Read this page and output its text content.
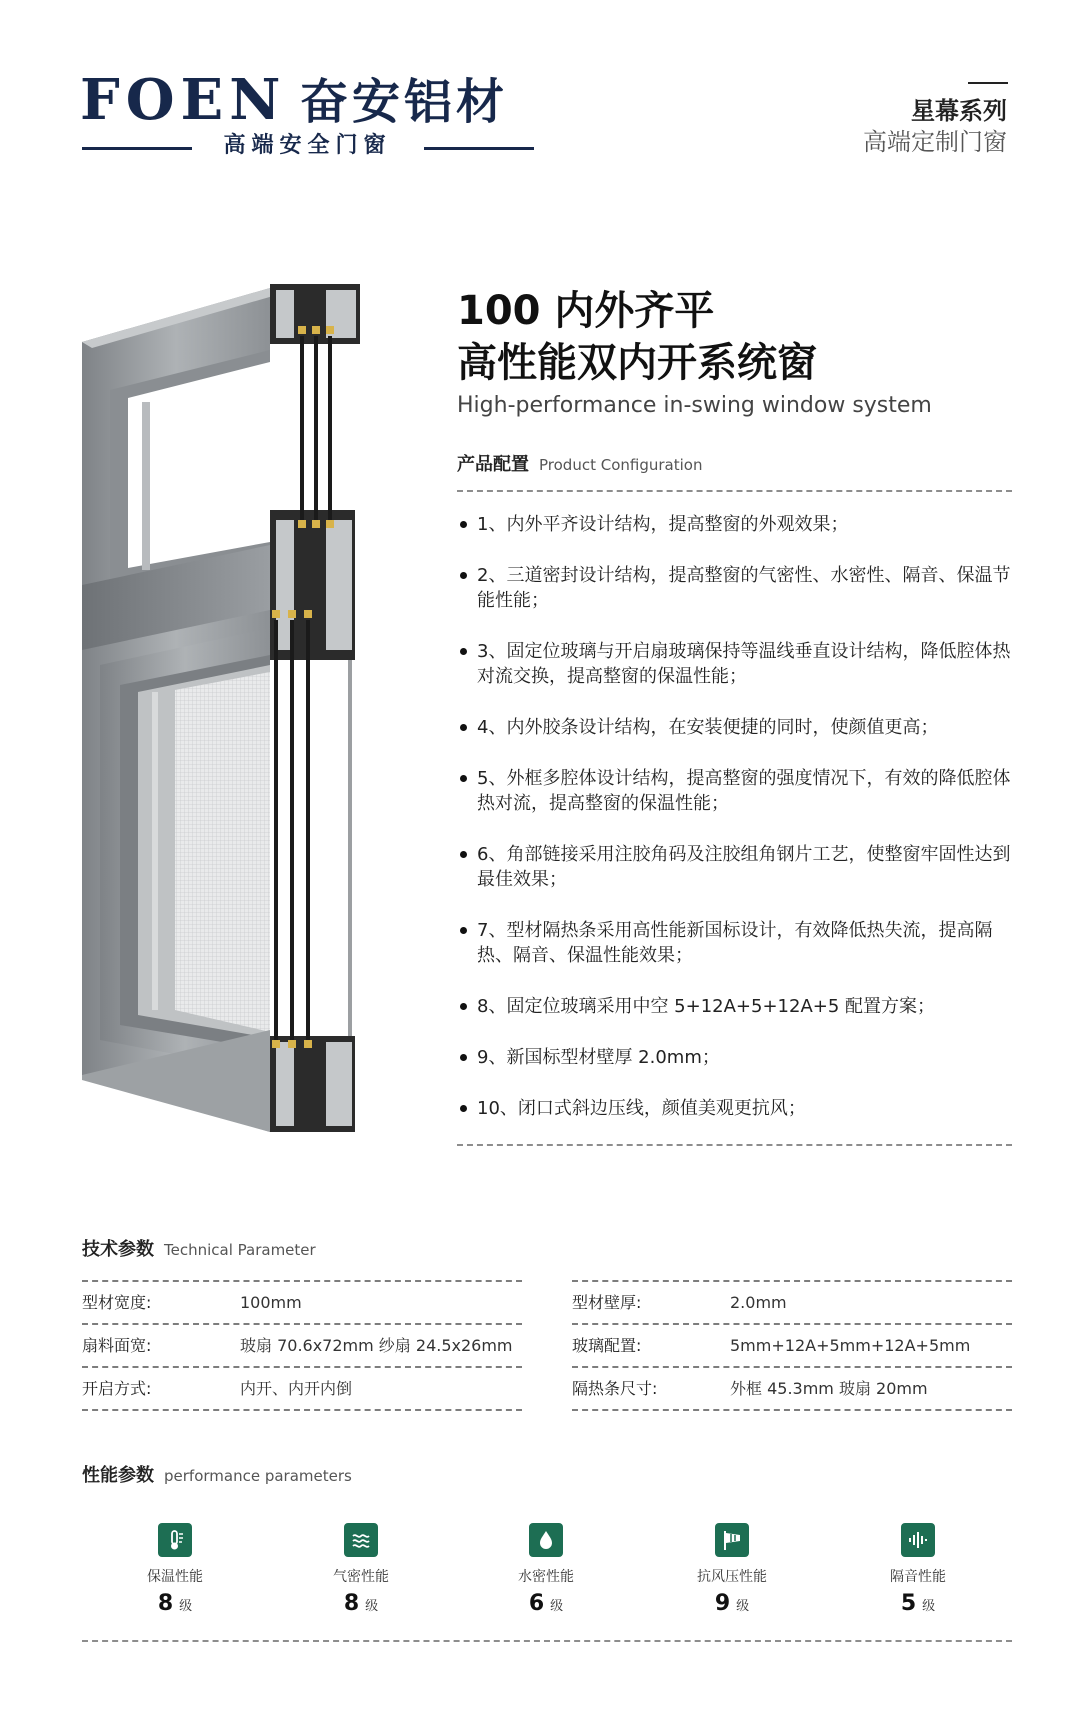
FOEN 奋安铝材
高端安全门窗
星幕系列
高端定制门窗
100 内外齐平
高性能双内开系统窗
High-performance in-swing window system
产品配置 Product Configuration
1、内外平齐设计结构，提高整窗的外观效果；
2、三道密封设计结构，提高整窗的气密性、水密性、隔音、保温节能性能；
3、固定位玻璃与开启扇玻璃保持等温线垂直设计结构，降低腔体热对流交换，提高整窗的保温性能；
4、内外胶条设计结构，在安装便捷的同时，使颜值更高；
5、外框多腔体设计结构，提高整窗的强度情况下，有效的降低腔体热对流，提高整窗的保温性能；
6、角部链接采用注胶角码及注胶组角钢片工艺，使整窗牢固性达到最佳效果；
7、型材隔热条采用高性能新国标设计，有效降低热失流，提高隔热、隔音、保温性能效果；
8、固定位玻璃采用中空 5+12A+5+12A+5 配置方案；
9、新国标型材壁厚 2.0mm；
10、闭口式斜边压线，颜值美观更抗风；
技术参数 Technical Parameter
型材宽度:	100mm
扇料面宽:	玻扇 70.6x72mm 纱扇 24.5x26mm
开启方式:	内开、内开内倒
型材壁厚:	2.0mm
玻璃配置:	5mm+12A+5mm+12A+5mm
隔热条尺寸:	外框 45.3mm 玻扇 20mm
性能参数 performance parameters
保温性能
8 级
气密性能
8 级
水密性能
6 级
抗风压性能
9 级
隔音性能
5 级
